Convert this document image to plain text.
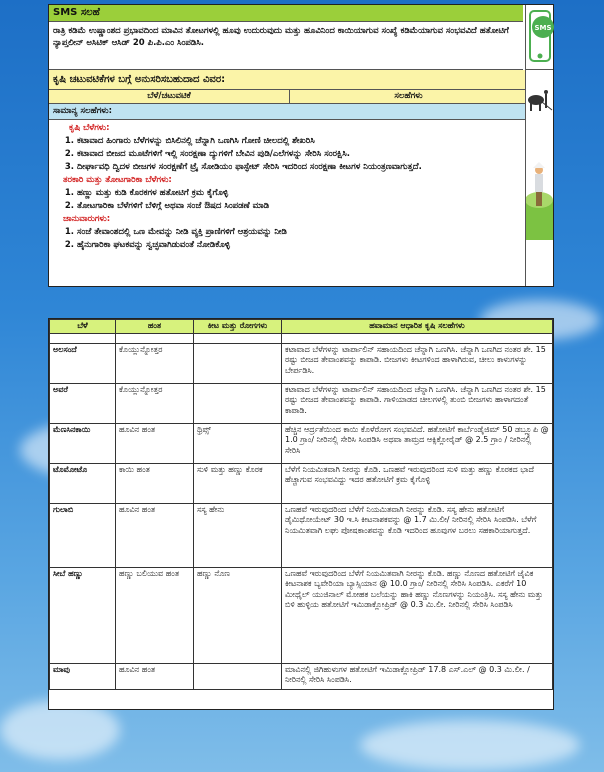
SMS ಸಲಹೆ
ರಾತ್ರಿ ಕಡಿಮೆ ಉಷ್ಣಾಂಶದ ಪ್ರಭಾವದಿಂದ ಮಾವಿನ ತೋಟಗಳಲ್ಲಿ ಹೂವು ಉದುರುವುದು ಮತ್ತು ಹೂವಿನಿಂದ ಕಾಯಿಯಾಗುವ ಸಂಖ್ಯೆ ಕಡಿಮೆಯಾಗುವ ಸಂಭವವಿದೆ ಹತೋಟಿಗೆ ನ್ಯಾಪ್ತಲೀನ್ ಅಸಿಟಿಕ್ ಆಸಿಡ್ 20 ಪಿ.ಪಿ.ಎಂ ಸಿಂಪಡಿಸಿ.
SMS
ಕೃಷಿ ಚಟುವಟಿಕೆಗಳ ಬಗ್ಗೆ ಅನುಸರಿಸಬಹುದಾದ ವಿವರ:
ಬೆಳೆ/ಚಟುವಟಿಕೆ	ಸಲಹೆಗಳು
ಸಾಮಾನ್ಯ ಸಲಹೆಗಳು:
ಕೃಷಿ ಬೆಳೆಗಳು:
1. ಕಟಾವಾದ ಹಿಂಗಾರು ಬೆಳೆಗಳನ್ನು ಬಿಸಿಲಿನಲ್ಲಿ ಚೆನ್ನಾಗಿ ಒಣಗಿಸಿ ಗೋಣಿ ಚೀಲದಲ್ಲಿ ಶೇಖರಿಸಿ
2. ಕಟಾವಾದ ಬೀಜದ ಮೂಟೆಗಳಿಗೆ ಇಲ್ಲಿ ಸಂರಕ್ಷಣಾ ದ್ಯುಗಳಿಗೆ ಬೇವಿನ ಪುಡಿ/ಎಲೆಗಳನ್ನು ಸೇರಿಸಿ ಸಂರಕ್ಷಿಸಿ.
3. ದೀರ್ಘಾವಧಿ ದ್ವಿದಳ ಬೀಜಗಳ ಸಂರಕ್ಷಣೆಗೆ ಟ್ರೈ ಸೋಡಿಯಂ ಫಾಸ್ಫೇಟ್ ಸೇರಿಸಿ ಇದರಿಂದ ಸಂರಕ್ಷಣಾ ಕೀಟಗಳ ನಿಯಂತ್ರಣವಾಗುತ್ತದೆ.
ತರಕಾರಿ ಮತ್ತು ತೋಟಗಾರಿಕಾ ಬೆಳೆಗಳು:
1. ಹಣ್ಣು ಮತ್ತು ಕುಡಿ ಕೊರಕಗಳ ಹತೋಟಿಗೆ ಕ್ರಮ ಕೈಗೊಳ್ಳಿ
2. ತೋಟಗಾರಿಕಾ ಬೆಳೆಗಳಿಗೆ ಬೆಳಿಗ್ಗೆ ಅಥವಾ ಸಂಜೆ ಔಷದ ಸಿಂಪಡಣೆ ಮಾಡಿ
ಜಾನುವಾರುಗಳು:
1. ಸಂಜೆ ತೇವಾಂಶದಲ್ಲಿ ಒಣ ಮೇವನ್ನು ನೀಡಿ ವ್ಯಕ್ತಿ ಪ್ರಾಣಿಗಳಿಗೆ ಆಶ್ರಯವನ್ನು ನೀಡಿ
2. ಹೈನುಗಾರಿಕಾ ಘಟಕವನ್ನು ಸ್ವಚ್ಛವಾಗಿಡುವಂತೆ ನೋಡಿಕೊಳ್ಳಿ
ಬೆಳೆ	ಹಂತ	ಕೀಟ ಮತ್ತು ರೋಗಗಳು	ಹವಾಮಾನ ಆಧಾರಿತ ಕೃಷಿ ಸಲಹೆಗಳು

ಅಲಸಂದೆ	ಕೊಯ್ಲುನ್ನೋತ್ತರ		ಕಟಾವಾದ ಬೆಳೆಗಳನ್ನು ಟಾರ್ಪಾಲಿನ್ ಸಹಾಯದಿಂದ ಚೆನ್ನಾಗಿ ಒಣಗಿಸಿ. ಚೆನ್ನಾಗಿ ಒಣಗಿದ ನಂತರ ಶೇ. 15 ರಷ್ಟು ಬೀಜದ ತೇವಾಂಶವನ್ನು ಕಾಪಾಡಿ. ಬೀಜಗಳು ಕೀಟಗಳಿಂದ ಹಾಳಾಗಿರುವ, ಚೀಲು ಕಾಳುಗಳನ್ನು ಬೇರ್ಪಡಿಸಿ.
ಅವರೆ	ಕೊಯ್ಲುನ್ನೋತ್ತರ		ಕಟಾವಾದ ಬೆಳೆಗಳನ್ನು ಟಾರ್ಪಾಲಿನ್ ಸಹಾಯದಿಂದ ಚೆನ್ನಾಗಿ ಒಣಗಿಸಿ. ಚೆನ್ನಾಗಿ ಒಣಗಿದ ನಂತರ ಶೇ. 15 ರಷ್ಟು ಬೀಜದ ತೇವಾಂಶವನ್ನು ಕಾಪಾಡಿ. ಗಾಳಿಯಾಡದ ಚೀಲಗಳಲ್ಲಿ ತುಂಬಿ ಬೀಜಗಳು ಹಾಳಾಗದಂತೆ ಕಾಪಾಡಿ.
ಮೆಣಸಿನಕಾಯಿ	ಹೂವಿನ ಹಂತ	ಥ್ರಿಪ್ಸ್	ಹೆಚ್ಚಿನ ಆರ್ದ್ರತೆಯಿಂದ ಕಾಯಿ ಕೊಳೆರೋಗ ಸಂಭವವಿದೆ. ಹತೋಟಿಗೆ ಕಾರ್ಬೆಂಡೈಜಿಮ್ 50 ಡಬ್ಲ್ಯೂಪಿ @ 1.0 ಗ್ರಾಂ/ ನೀರಿನಲ್ಲಿ ಸೇರಿಸಿ ಸಿಂಪಡಿಸಿ ಅಥವಾ ತಾಮ್ರದ ಆಕ್ಸಿಕ್ಲೋರೈಡ್ @ 2.5 ಗ್ರಾಂ / ನೀರಿನಲ್ಲಿ ಸೇರಿಸಿ
ಟೊಮೋಟೊ	ಕಾಯಿ ಹಂತ	ಸುಳಿ ಮತ್ತು ಹಣ್ಣು ಕೊರಕ	ಬೆಳೆಗೆ ನಿಯಮಿತವಾಗಿ ನೀರನ್ನು ಕೊಡಿ. ಒಣಹವೆ ಇರುವುದರಿಂದ ಸುಳಿ ಮತ್ತು ಹಣ್ಣು ಕೊರಕದ ಭಾದೆ ಹೆಚ್ಚಾಗುವ ಸಂಭವವಿದ್ದು ಇದರ ಹತೋಟಿಗೆ ಕ್ರಮ ಕೈಗೊಳ್ಳಿ
ಗುಲಾಬಿ	ಹೂವಿನ ಹಂತ	ಸಸ್ಯ ಹೇನು	ಒಣಹವೆ ಇರುವುದರಿಂದ ಬೆಳೆಗೆ ನಿಯಮಿತವಾಗಿ ನೀರನ್ನು ಕೊಡಿ. ಸಸ್ಯ ಹೇನು ಹತೋಟಿಗೆ ಡೈಮಿಥೋಯೇಟ್ 30 ಇ.ಸಿ ಕೀಟನಾಶಕವನ್ನು @ 1.7 ಮಿ.ಲೀ/ ನೀರಿನಲ್ಲಿ ಸೇರಿಸಿ ಸಿಂಪಡಿಸಿ. ಬೆಳೆಗೆ ನಿಯಮಿತವಾಗಿ ಲಘು ಪೋಷಕಾಂಶವನ್ನು ಕೊಡಿ ಇದರಿಂದ ಹೂವುಗಳ ಬರಲು ಸಹಕಾರಿಯಾಗುತ್ತದೆ.
ಸೀಬೆ ಹಣ್ಣು	ಹಣ್ಣು ಬಲಿಯುವ ಹಂತ	ಹಣ್ಣು ನೊಣ	ಒಣಹವೆ ಇರುವುದರಿಂದ ಬೆಳೆಗೆ ನಿಯಮಿತವಾಗಿ ನೀರನ್ನು ಕೊಡಿ. ಹಣ್ಣು ನೊಣದ ಹತೋಟಿಗೆ ಜೈವಿಕ ಕೀಟನಾಶಕ ಬ್ಯವೇರಿಯಾ ಬ್ಯಾಸ್ಸಿಯಾನ @ 10.0 ಗ್ರಾಂ/ ನೀರಿನಲ್ಲಿ ಸೇರಿಸಿ ಸಿಂಪಡಿಸಿ. ಎಕರೆಗೆ 10 ಮೀಥೈಲ್ ಯುಜಿನಾಲ್ ಮೋಹಕ ಬಲೆಯನ್ನು ಹಾಕಿ ಹಣ್ಣು ನೊಣಗಳನ್ನು ನಿಯಂತ್ರಿಸಿ. ಸಸ್ಯ ಹೇನು ಮತ್ತು ಬಿಳಿ ಹುಳ್ಳಿಯ ಹತೋಟಿಗೆ ಇಮಿಡಾಕ್ಲೋಪ್ರಿಡ್ @ 0.3 ಮಿ.ಲೀ. ನೀರಿನಲ್ಲಿ ಸೇರಿಸಿ ಸಿಂಪಡಿಸಿ
ಮಾವು	ಹೂವಿನ ಹಂತ		ಮಾವಿನಲ್ಲಿ ಜಿಗಿಹುಳುಗಳ ಹತೋಟಿಗೆ ಇಮಿಡಾಕ್ಲೋಪ್ರಿಡ್ 17.8 ಎಸ್.ಎಲ್ @ 0.3 ಮಿ.ಲೀ. / ನೀರಿನಲ್ಲಿ ಸೇರಿಸಿ ಸಿಂಪಡಿಸಿ.
